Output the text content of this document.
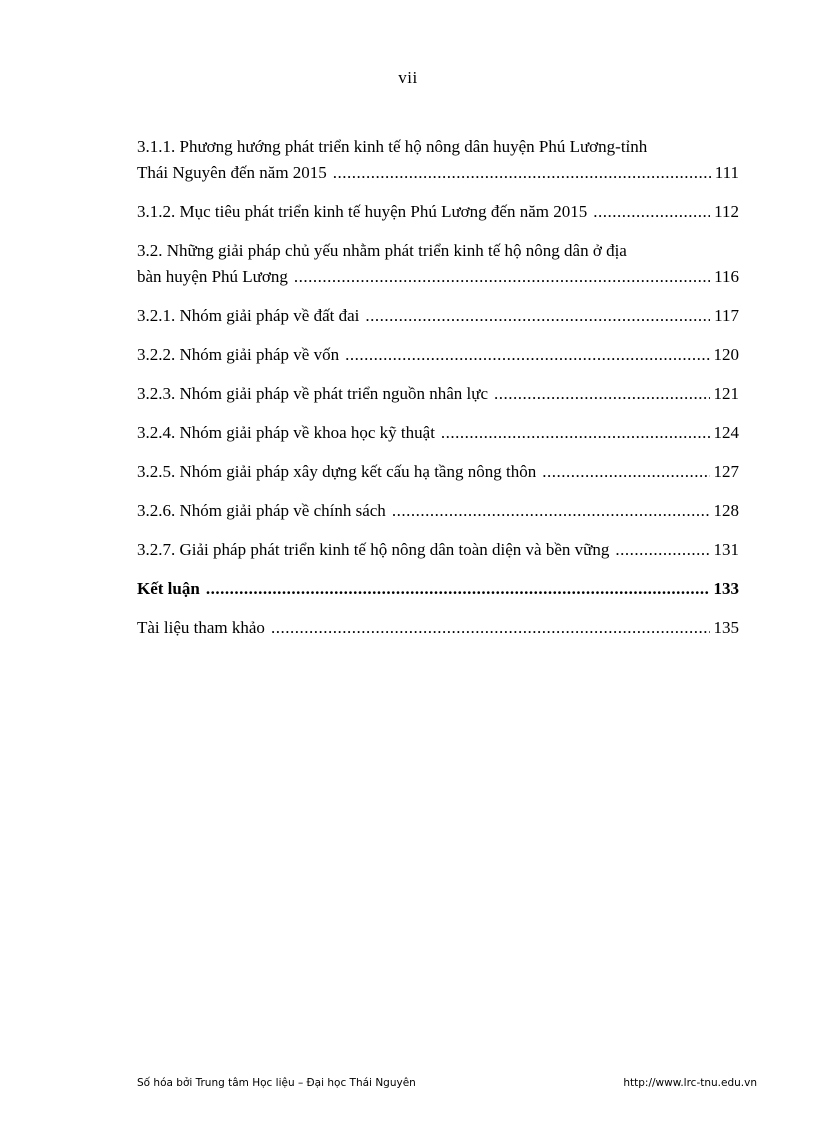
vii
3.1.1. Phương hướng phát triển kinh tế hộ nông dân huyện Phú Lương-tỉnh
Thái Nguyên đến năm 2015 .....	111
3.1.2. Mục tiêu phát triển kinh tế huyện Phú Lương đến năm 2015 .....	112
3.2. Những giải pháp chủ yếu nhằm phát triển kinh tế hộ nông dân ở địa
bàn huyện Phú Lương .....	116
3.2.1. Nhóm giải pháp về đất đai .....	117
3.2.2. Nhóm giải pháp về vốn .....	120
3.2.3. Nhóm giải pháp về phát triển nguồn nhân lực .....	121
3.2.4. Nhóm giải pháp về khoa học kỹ thuật .....	124
3.2.5. Nhóm giải pháp xây dựng kết cấu hạ tầng nông thôn .....	127
3.2.6. Nhóm giải pháp về chính sách .....	128
3.2.7. Giải pháp phát triển kinh tế hộ nông dân toàn diện và bền vững .....	131
Kết luận .....	133
Tài liệu tham khảo .....	135
Số hóa bởi Trung tâm Học liệu – Đại học Thái Nguyên	http://www.lrc-tnu.edu.vn
